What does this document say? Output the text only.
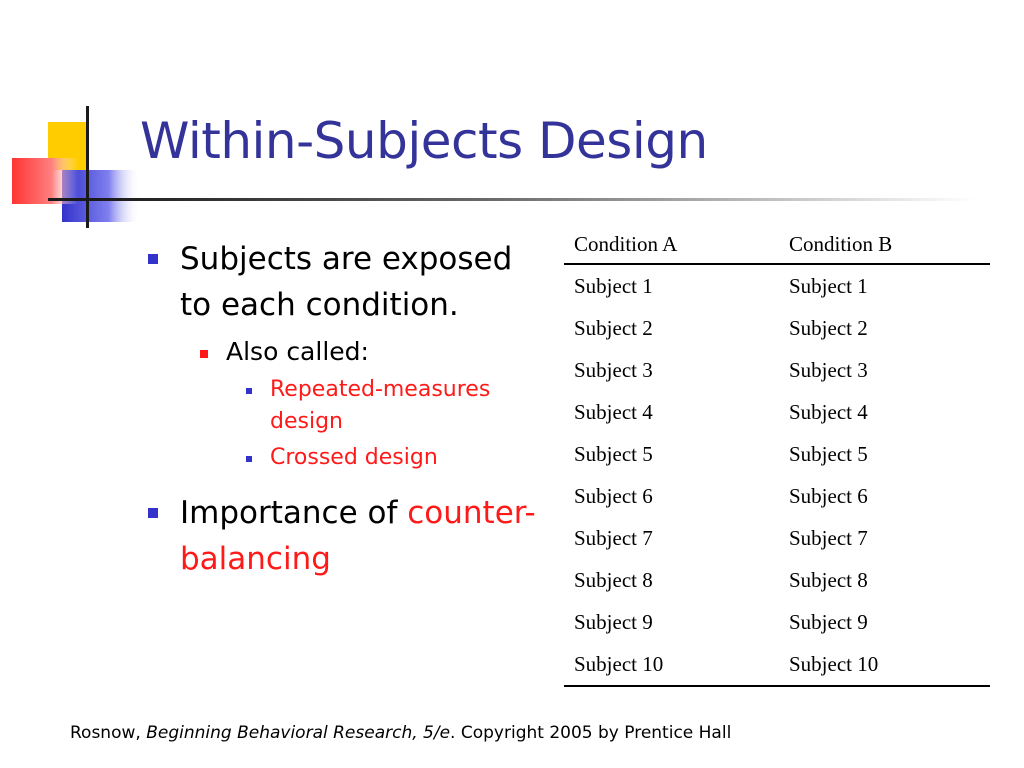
Within-Subjects Design
Subjects are exposed to each condition.
Also called:
Repeated-measures design
Crossed design
Importance of counter-balancing
Condition A	Condition B
Subject 1	Subject 1
Subject 2	Subject 2
Subject 3	Subject 3
Subject 4	Subject 4
Subject 5	Subject 5
Subject 6	Subject 6
Subject 7	Subject 7
Subject 8	Subject 8
Subject 9	Subject 9
Subject 10	Subject 10
Rosnow, Beginning Behavioral Research, 5/e. Copyright 2005 by Prentice Hall
